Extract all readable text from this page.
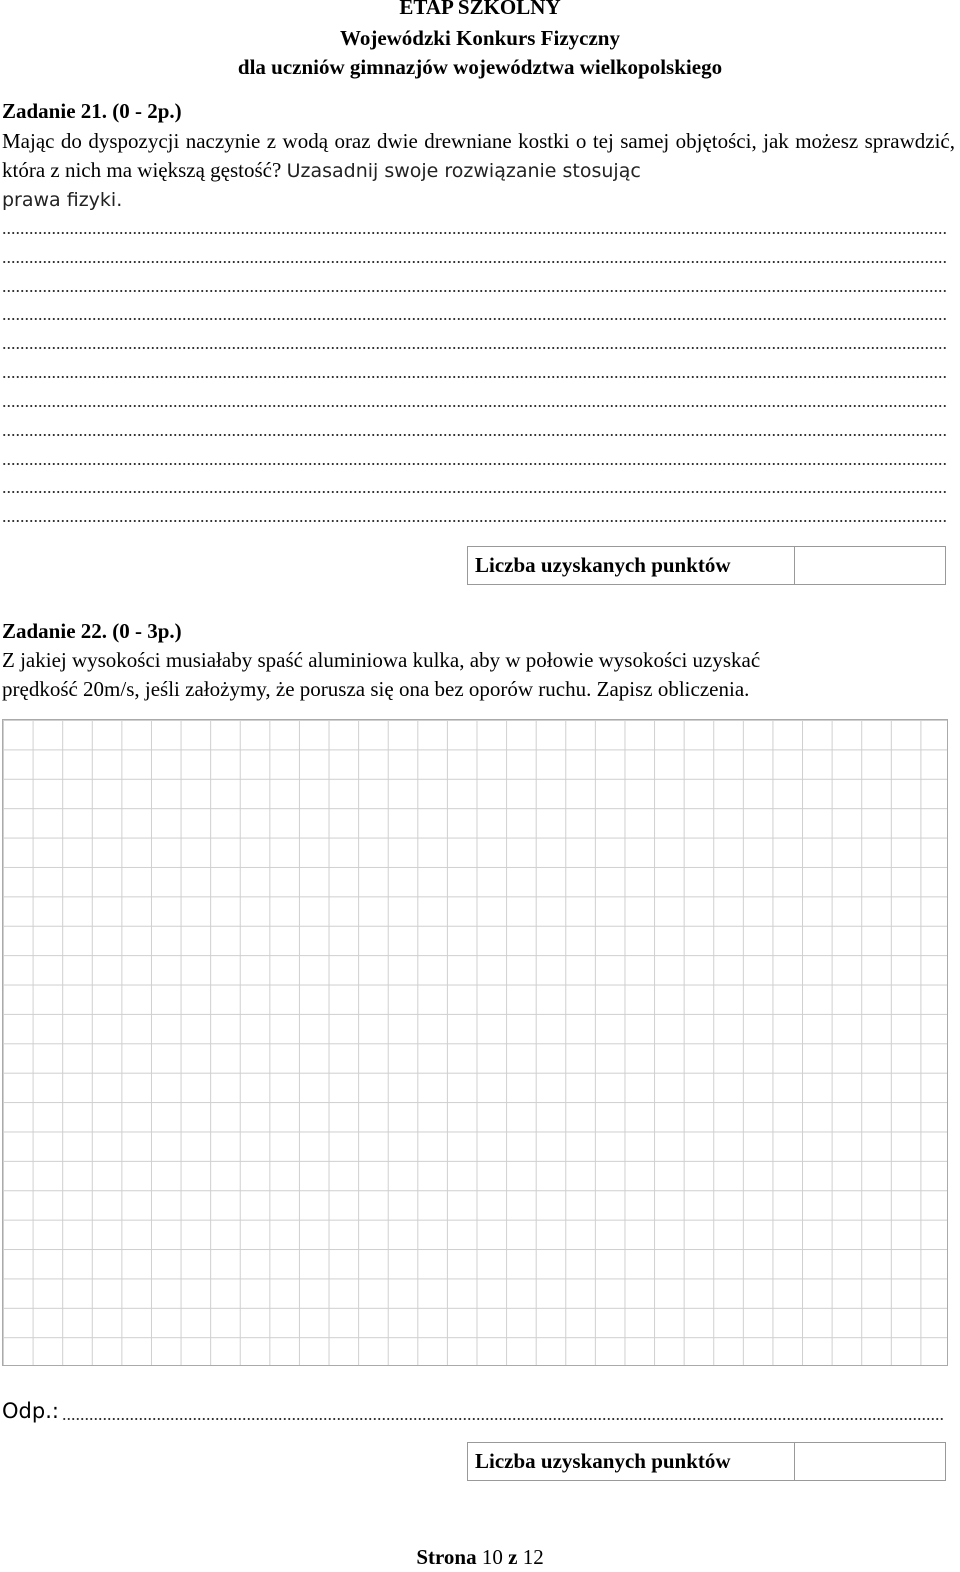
ETAP SZKOLNY
Wojewódzki Konkurs Fizyczny
dla uczniów gimnazjów województwa wielkopolskiego
Zadanie 21. (0 - 2p.)
Mając do dyspozycji naczynie z wodą oraz dwie drewniane kostki o tej samej objętości, jak możesz sprawdzić, która z nich ma większą gęstość? Uzasadnij swoje rozwiązanie stosując
prawa fizyki.
Liczba uzyskanych punktów
Zadanie 22. (0 - 3p.)
Z jakiej wysokości musiałaby spaść aluminiowa kulka, aby w połowie wysokości uzyskać
prędkość 20m/s, jeśli założymy, że porusza się ona bez oporów ruchu. Zapisz obliczenia.
Odp.:
Liczba uzyskanych punktów
Strona 10 z 12
